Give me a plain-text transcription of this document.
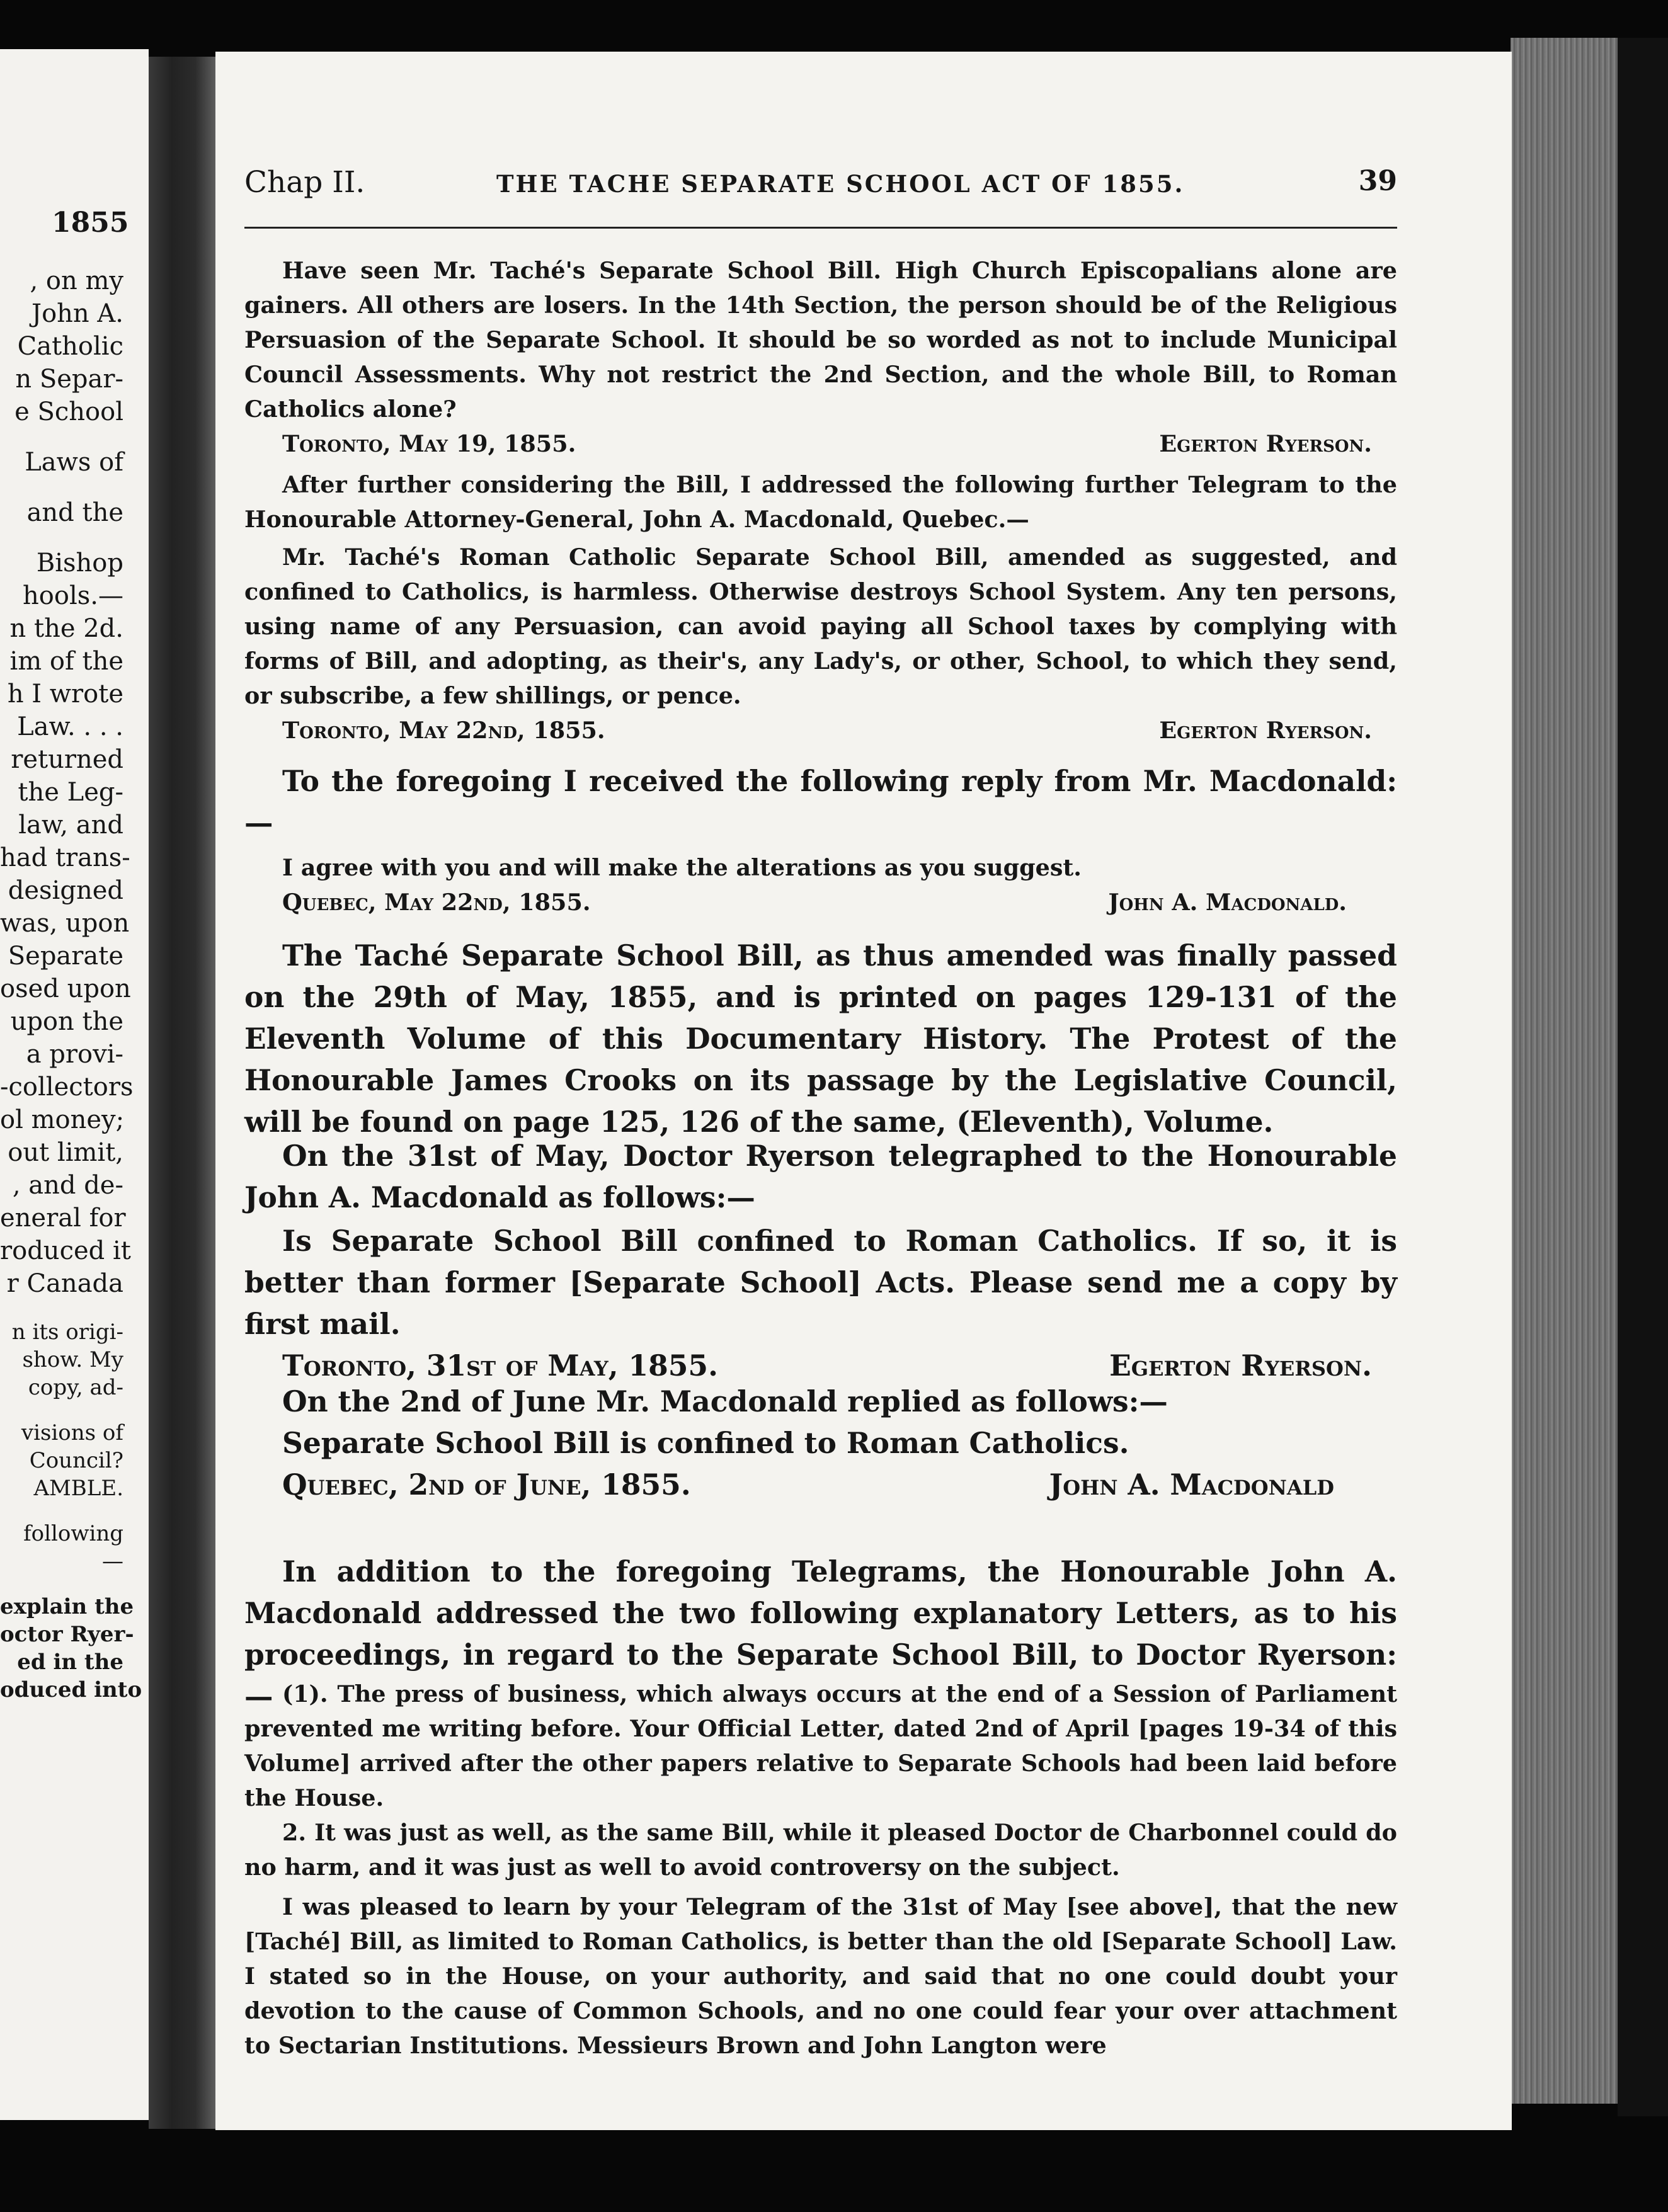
1855
, on my
John A.
Catholic
n Separ-
e School
Laws of
and the
Bishop
hools.—
n the 2d.
im of the
h I wrote
Law. . . .
returned
the Leg-
law, and
had trans-
designed
was, upon
Separate
osed upon
upon the
a provi-
-collectors
ol money;
out limit,
, and de-
eneral for
roduced it
r Canada
n its origi-
show. My
copy, ad-
visions of
Council?
AMBLE.
following
—
explain the
octor Ryer-
ed in the
oduced into
Chap II.	THE TACHE SEPARATE SCHOOL ACT OF 1855.	39

Have seen Mr. Taché's Separate School Bill. High Church Episcopalians alone are gainers. All others are losers. In the 14th Section, the person should be of the Religious Persuasion of the Separate School. It should be so worded as not to include Municipal Council Assessments. Why not restrict the 2nd Section, and the whole Bill, to Roman Catholics alone?

Toronto, May 19, 1855.	Egerton Ryerson.

After further considering the Bill, I addressed the following further Telegram to the Honourable Attorney-General, John A. Macdonald, Quebec.—

Mr. Taché's Roman Catholic Separate School Bill, amended as suggested, and confined to Catholics, is harmless. Otherwise destroys School System. Any ten persons, using name of any Persuasion, can avoid paying all School taxes by complying with forms of Bill, and adopting, as their's, any Lady's, or other, School, to which they send, or subscribe, a few shillings, or pence.

Toronto, May 22nd, 1855.	Egerton Ryerson.

To the foregoing I received the following reply from Mr. Macdonald:—

I agree with you and will make the alterations as you suggest.

Quebec, May 22nd, 1855.	John A. Macdonald.

The Taché Separate School Bill, as thus amended was finally passed on the 29th of May, 1855, and is printed on pages 129-131 of the Eleventh Volume of this Documentary History. The Protest of the Honourable James Crooks on its passage by the Legislative Council, will be found on page 125, 126 of the same, (Eleventh), Volume.

On the 31st of May, Doctor Ryerson telegraphed to the Honourable John A. Macdonald as follows:—

Is Separate School Bill confined to Roman Catholics. If so, it is better than former [Separate School] Acts. Please send me a copy by first mail.

Toronto, 31st of May, 1855.	Egerton Ryerson.

On the 2nd of June Mr. Macdonald replied as follows:—

Separate School Bill is confined to Roman Catholics.

Quebec, 2nd of June, 1855.	John A. Macdonald

In addition to the foregoing Telegrams, the Honourable John A. Macdonald addressed the two following explanatory Letters, as to his proceedings, in regard to the Separate School Bill, to Doctor Ryerson:— (1). The press of business, which always occurs at the end of a Session of Parliament prevented me writing before. Your Official Letter, dated 2nd of April [pages 19-34 of this Volume] arrived after the other papers relative to Separate Schools had been laid before the House.

2. It was just as well, as the same Bill, while it pleased Doctor de Charbonnel could do no harm, and it was just as well to avoid controversy on the subject.

I was pleased to learn by your Telegram of the 31st of May [see above], that the new [Taché] Bill, as limited to Roman Catholics, is better than the old [Separate School] Law. I stated so in the House, on your authority, and said that no one could doubt your devotion to the cause of Common Schools, and no one could fear your over attachment to Sectarian Institutions. Messieurs Brown and John Langton were
